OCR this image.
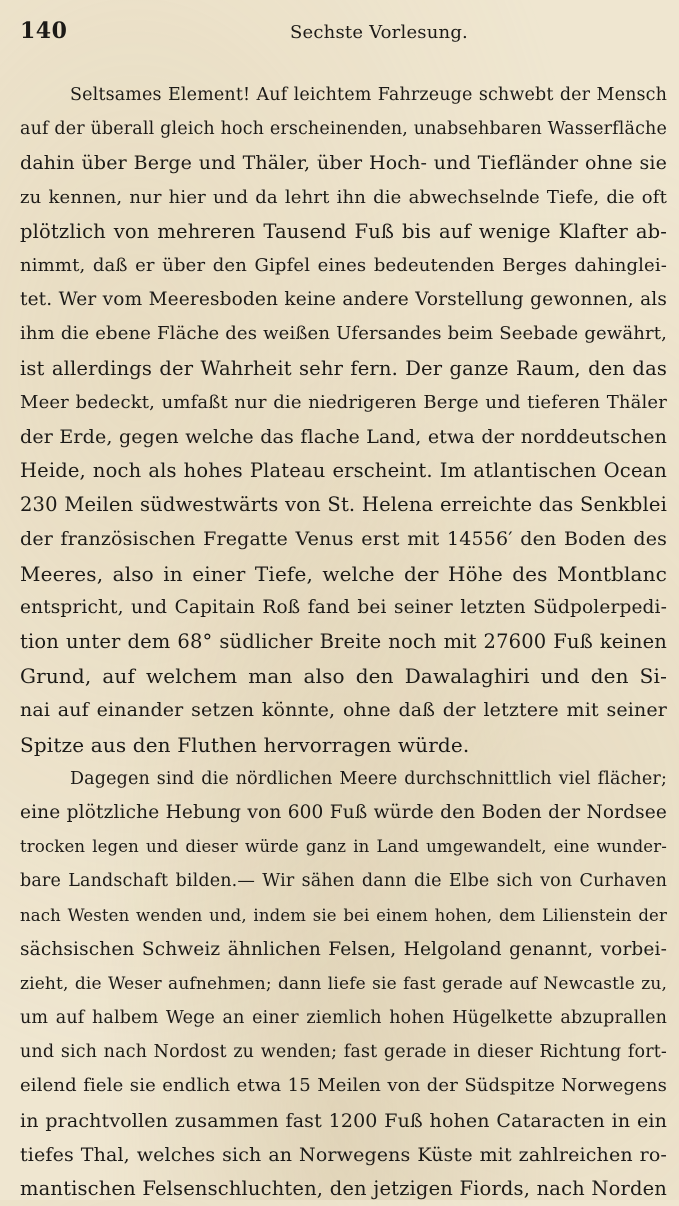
140	Sechste Vorlesung.
Seltsames Element! Auf leichtem Fahrzeuge schwebt der Mensch
auf der überall gleich hoch erscheinenden, unabsehbaren Wasserfläche
dahin über Berge und Thäler, über Hoch- und Tiefländer ohne sie
zu kennen, nur hier und da lehrt ihn die abwechselnde Tiefe, die oft
plötzlich von mehreren Tausend Fuß bis auf wenige Klafter ab-
nimmt, daß er über den Gipfel eines bedeutenden Berges dahinglei-
tet. Wer vom Meeresboden keine andere Vorstellung gewonnen, als
ihm die ebene Fläche des weißen Ufersandes beim Seebade gewährt,
ist allerdings der Wahrheit sehr fern. Der ganze Raum, den das
Meer bedeckt, umfaßt nur die niedrigeren Berge und tieferen Thäler
der Erde, gegen welche das flache Land, etwa der norddeutschen
Heide, noch als hohes Plateau erscheint. Im atlantischen Ocean
230 Meilen südwestwärts von St. Helena erreichte das Senkblei
der französischen Fregatte Venus erst mit 14556′ den Boden des
Meeres, also in einer Tiefe, welche der Höhe des Montblanc
entspricht, und Capitain Roß fand bei seiner letzten Südpolerpedi-
tion unter dem 68° südlicher Breite noch mit 27600 Fuß keinen
Grund, auf welchem man also den Dawalaghiri und den Si-
nai auf einander setzen könnte, ohne daß der letztere mit seiner
Spitze aus den Fluthen hervorragen würde.
Dagegen sind die nördlichen Meere durchschnittlich viel flächer;
eine plötzliche Hebung von 600 Fuß würde den Boden der Nordsee
trocken legen und dieser würde ganz in Land umgewandelt, eine wunder-
bare Landschaft bilden.— Wir sähen dann die Elbe sich von Curhaven
nach Westen wenden und, indem sie bei einem hohen, dem Lilienstein der
sächsischen Schweiz ähnlichen Felsen, Helgoland genannt, vorbei-
zieht, die Weser aufnehmen; dann liefe sie fast gerade auf Newcastle zu,
um auf halbem Wege an einer ziemlich hohen Hügelkette abzuprallen
und sich nach Nordost zu wenden; fast gerade in dieser Richtung fort-
eilend fiele sie endlich etwa 15 Meilen von der Südspitze Norwegens
in prachtvollen zusammen fast 1200 Fuß hohen Cataracten in ein
tiefes Thal, welches sich an Norwegens Küste mit zahlreichen ro-
mantischen Felsenschluchten, den jetzigen Fiords, nach Norden
